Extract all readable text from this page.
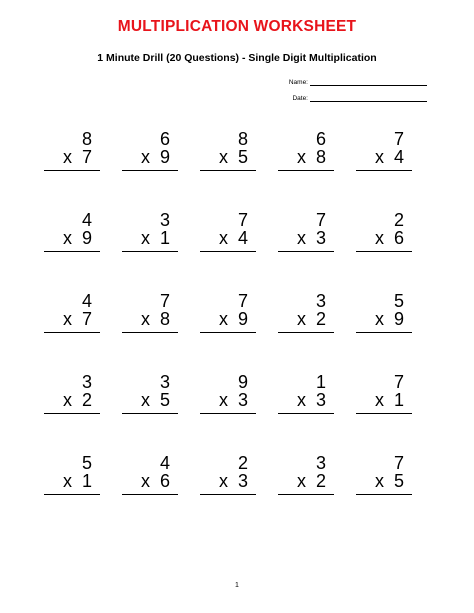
MULTIPLICATION WORKSHEET
1 Minute Drill (20 Questions) - Single Digit Multiplication
Name:
Date:
8
x  7
6
x  9
8
x  5
6
x  8
7
x  4
4
x  9
3
x  1
7
x  4
7
x  3
2
x  6
4
x  7
7
x  8
7
x  9
3
x  2
5
x  9
3
x  2
3
x  5
9
x  3
1
x  3
7
x  1
5
x  1
4
x  6
2
x  3
3
x  2
7
x  5
1
